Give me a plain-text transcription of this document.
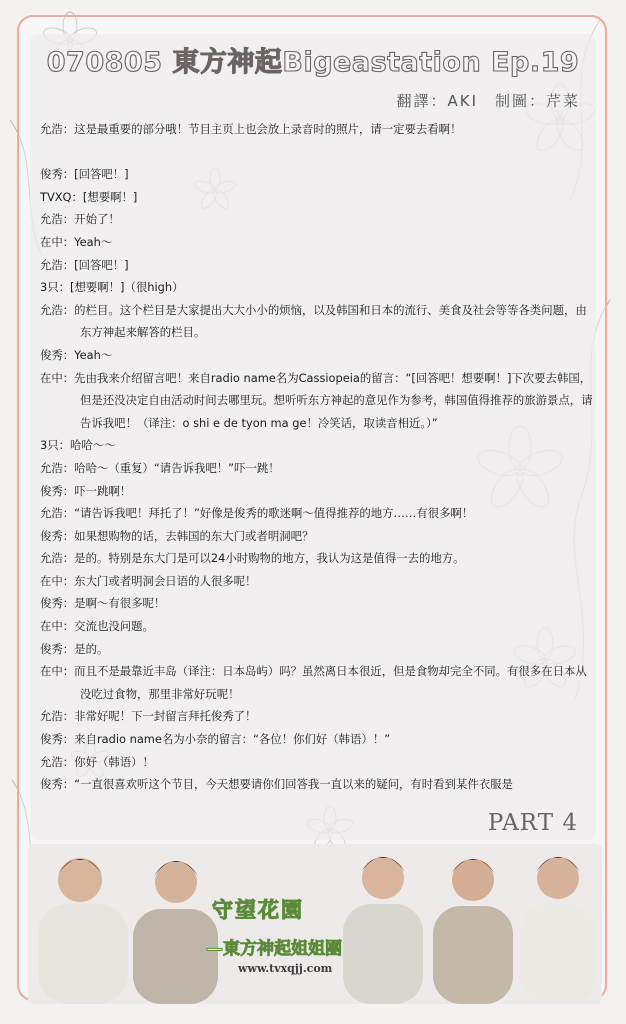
070805 東方神起Bigeastation Ep.19
翻譯：AKI　制圖：芹菜
允浩：这是最重要的部分哦！节目主页上也会放上录音时的照片，请一定要去看啊！
俊秀：[回答吧！]
TVXQ：[想要啊！]
允浩：开始了！
在中：Yeah～
允浩：[回答吧！]
3只：[想要啊！]（很high）
允浩：的栏目。这个栏目是大家提出大大小小的烦恼，以及韩国和日本的流行、美食及社会等等各类问题，由东方神起来解答的栏目。
俊秀：Yeah～
在中：先由我来介绍留言吧！来自radio name名为Cassiopeia的留言：“[回答吧！想要啊！]下次要去韩国，但是还没决定自由活动时间去哪里玩。想听听东方神起的意见作为参考，韩国值得推荐的旅游景点，请告诉我吧！（译注：o shi e de tyon ma ge！冷笑话，取读音相近。）”
3只：哈哈～～
允浩：哈哈～（重复）“请告诉我吧！”吓一跳！
俊秀：吓一跳啊！
允浩：“请告诉我吧！拜托了！”好像是俊秀的歌迷啊～值得推荐的地方……有很多啊！
俊秀：如果想购物的话，去韩国的东大门或者明洞吧？
允浩：是的。特别是东大门是可以24小时购物的地方，我认为这是值得一去的地方。
在中：东大门或者明洞会日语的人很多呢！
俊秀：是啊～有很多呢！
在中：交流也没问题。
俊秀：是的。
在中：而且不是最靠近丰岛（译注：日本岛屿）吗？虽然离日本很近，但是食物却完全不同。有很多在日本从没吃过食物，那里非常好玩呢！
允浩：非常好呢！下一封留言拜托俊秀了！
俊秀：来自radio name名为小奈的留言：“各位！你们好（韩语）！”
允浩：你好（韩语）！
俊秀：“一直很喜欢听这个节目，今天想要请你们回答我一直以来的疑问，有时看到某件衣服是
PART 4
守望花園
—東方神起姐姐團
www.tvxqjj.com
